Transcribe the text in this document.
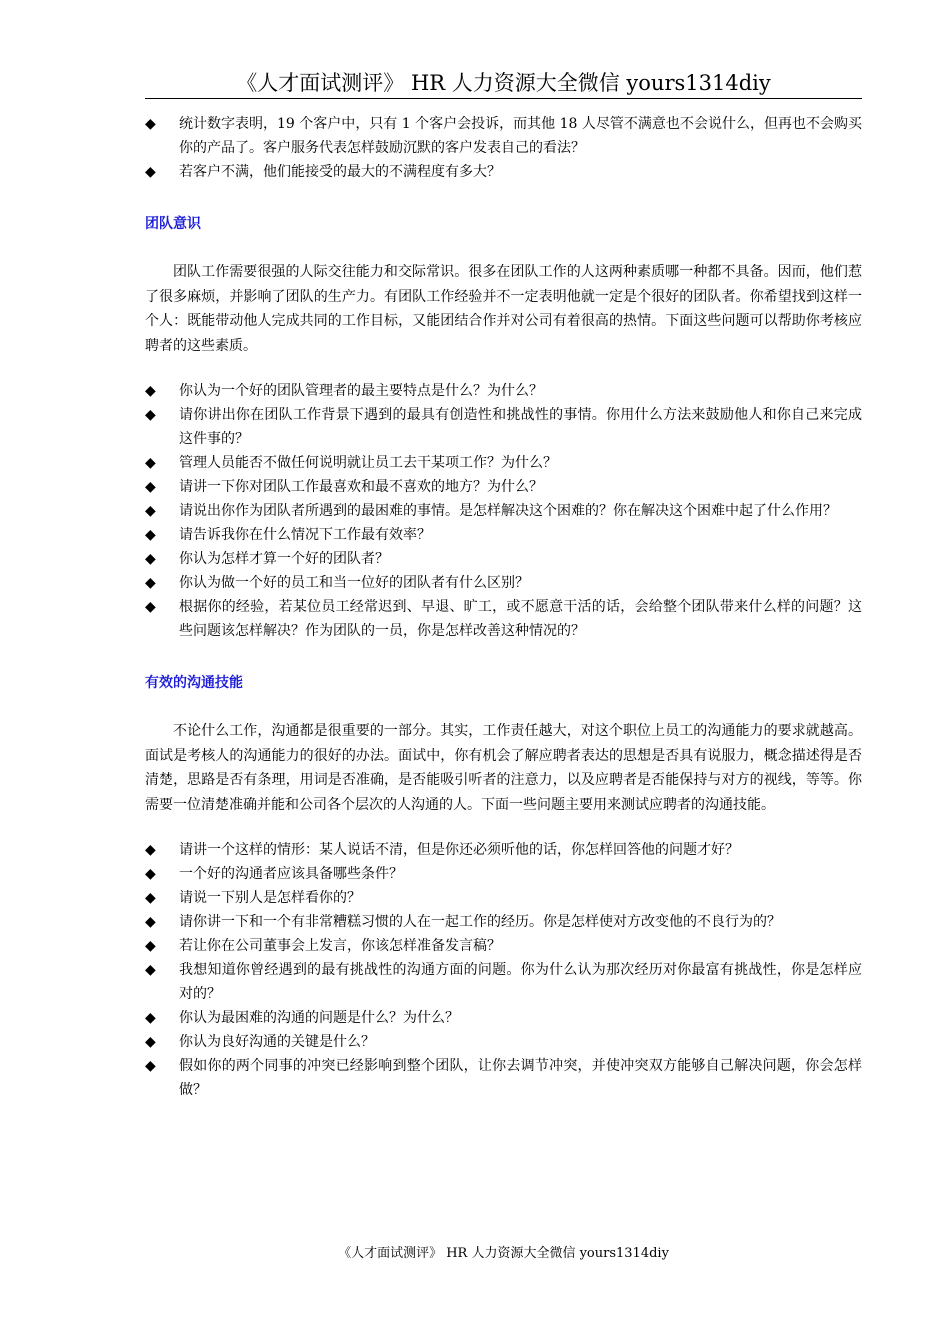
《人才面试测评》 HR 人力资源大全微信 yours1314diy
◆ 统计数字表明，19 个客户中，只有 1 个客户会投诉，而其他 18 人尽管不满意也不会说什么，但再也不会购买你的产品了。客户服务代表怎样鼓励沉默的客户发表自己的看法？
◆ 若客户不满，他们能接受的最大的不满程度有多大？
团队意识

团队工作需要很强的人际交往能力和交际常识。很多在团队工作的人这两种素质哪一种都不具备。因而，他们惹了很多麻烦，并影响了团队的生产力。有团队工作经验并不一定表明他就一定是个很好的团队者。你希望找到这样一个人：既能带动他人完成共同的工作目标，又能团结合作并对公司有着很高的热情。下面这些问题可以帮助你考核应聘者的这些素质。

◆ 你认为一个好的团队管理者的最主要特点是什么？为什么？
◆ 请你讲出你在团队工作背景下遇到的最具有创造性和挑战性的事情。你用什么方法来鼓励他人和你自己来完成这件事的？
◆ 管理人员能否不做任何说明就让员工去干某项工作？为什么？
◆ 请讲一下你对团队工作最喜欢和最不喜欢的地方？为什么？
◆ 请说出你作为团队者所遇到的最困难的事情。是怎样解决这个困难的？你在解决这个困难中起了什么作用？
◆ 请告诉我你在什么情况下工作最有效率？
◆ 你认为怎样才算一个好的团队者？
◆ 你认为做一个好的员工和当一位好的团队者有什么区别？
◆ 根据你的经验，若某位员工经常迟到、早退、旷工，或不愿意干活的话，会给整个团队带来什么样的问题？这些问题该怎样解决？作为团队的一员，你是怎样改善这种情况的？
有效的沟通技能

不论什么工作，沟通都是很重要的一部分。其实，工作责任越大，对这个职位上员工的沟通能力的要求就越高。面试是考核人的沟通能力的很好的办法。面试中，你有机会了解应聘者表达的思想是否具有说服力，概念描述得是否清楚，思路是否有条理，用词是否准确，是否能吸引听者的注意力，以及应聘者是否能保持与对方的视线，等等。你需要一位清楚准确并能和公司各个层次的人沟通的人。下面一些问题主要用来测试应聘者的沟通技能。

◆ 请讲一个这样的情形：某人说话不清，但是你还必须听他的话，你怎样回答他的问题才好？
◆ 一个好的沟通者应该具备哪些条件？
◆ 请说一下别人是怎样看你的？
◆ 请你讲一下和一个有非常糟糕习惯的人在一起工作的经历。你是怎样使对方改变他的不良行为的？
◆ 若让你在公司董事会上发言，你该怎样准备发言稿？
◆ 我想知道你曾经遇到的最有挑战性的沟通方面的问题。你为什么认为那次经历对你最富有挑战性，你是怎样应对的？
◆ 你认为最困难的沟通的问题是什么？为什么？
◆ 你认为良好沟通的关键是什么？
◆ 假如你的两个同事的冲突已经影响到整个团队，让你去调节冲突，并使冲突双方能够自己解决问题，你会怎样做？
《人才面试测评》 HR 人力资源大全微信 yours1314diy
